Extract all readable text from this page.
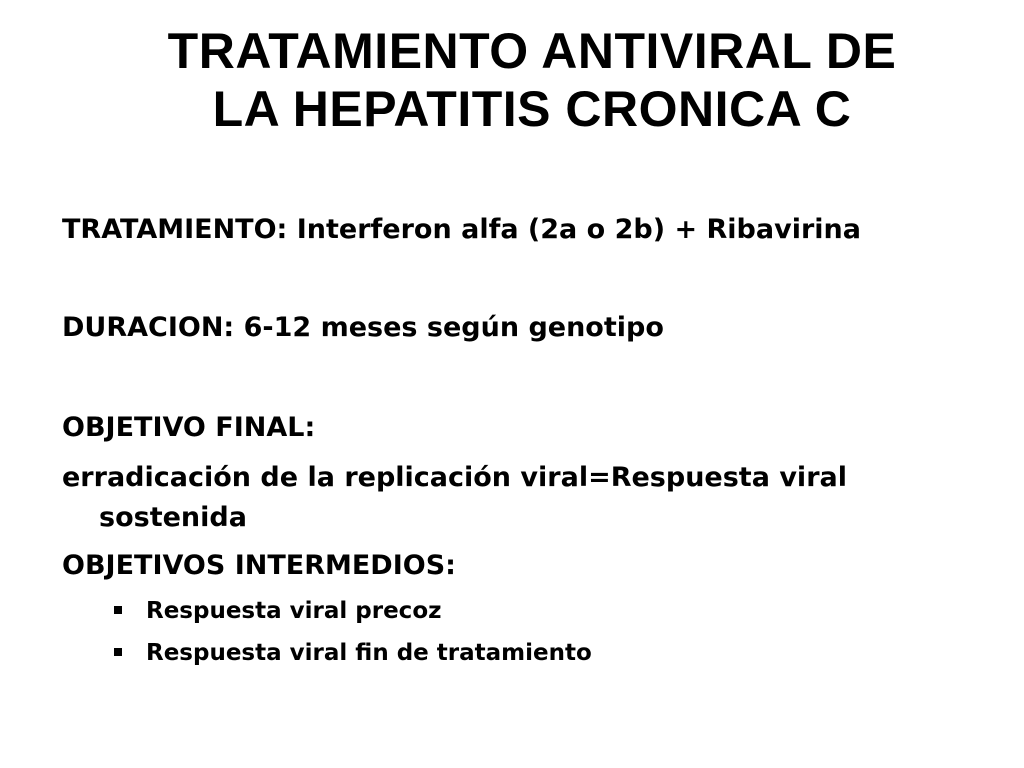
TRATAMIENTO ANTIVIRAL DE
LA HEPATITIS CRONICA C
TRATAMIENTO: Interferon alfa (2a o 2b) + Ribavirina
DURACION: 6-12 meses según genotipo
OBJETIVO FINAL:
erradicación de la replicación viral=Respuesta viral
sostenida
OBJETIVOS INTERMEDIOS:
Respuesta viral precoz
Respuesta viral fin de tratamiento
